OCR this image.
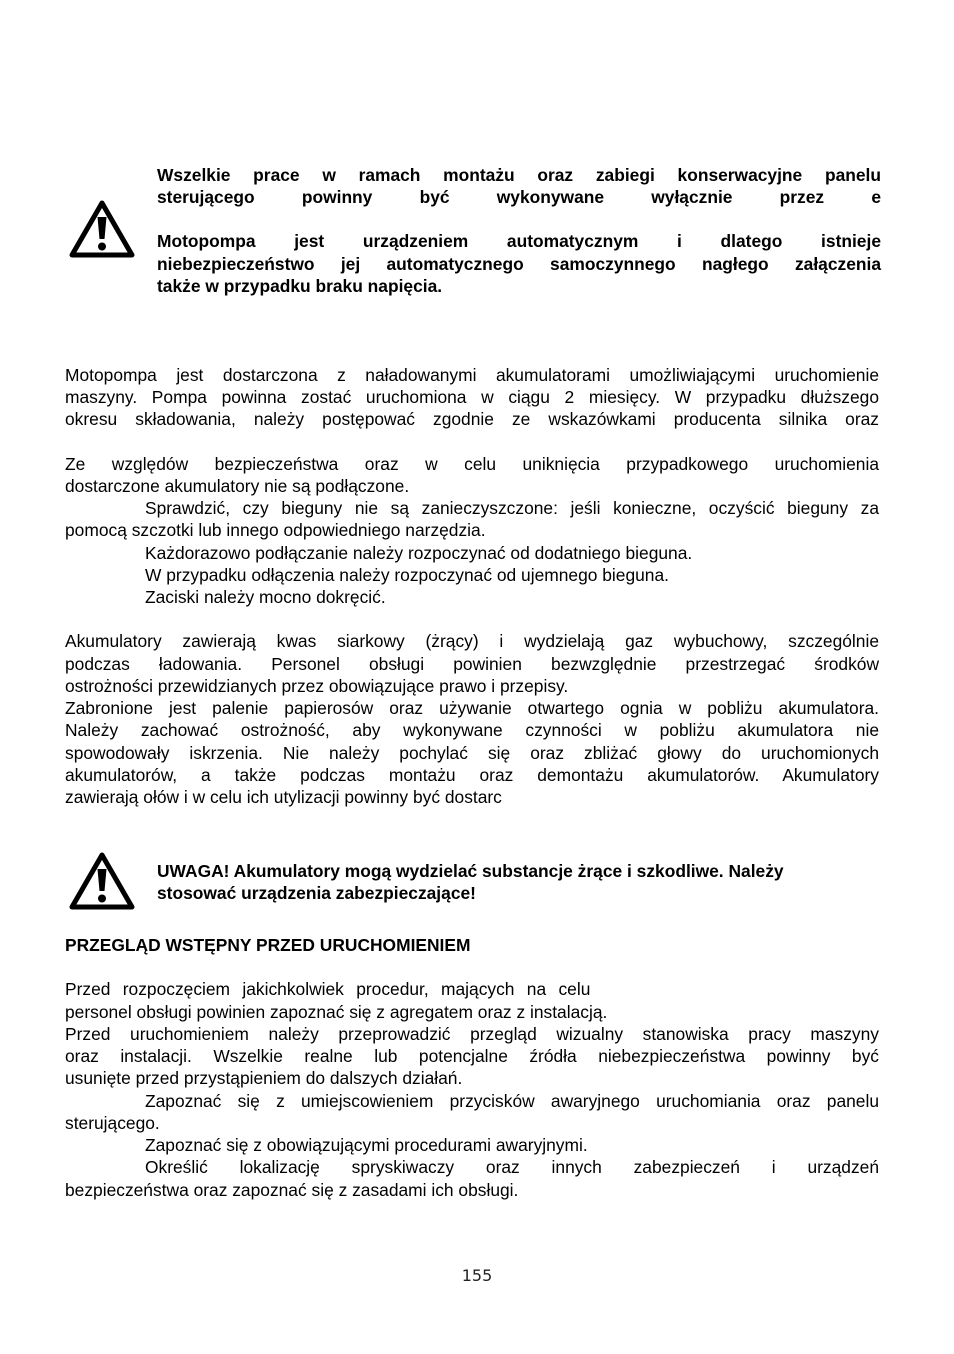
Wszelkie prace w ramach montażu oraz zabiegi konserwacyjne panelu

sterującego powinny być wykonywane wyłącznie przez e

Motopompa jest urządzeniem automatycznym i dlatego istnieje

niebezpieczeństwo jej automatycznego samoczynnego nagłego załączenia

także w przypadku braku napięcia.

Motopompa jest dostarczona z naładowanymi akumulatorami umożliwiającymi uruchomienie

maszyny. Pompa powinna zostać uruchomiona w ciągu 2 miesięcy. W przypadku dłuższego

okresu składowania, należy postępować zgodnie ze wskazówkami producenta silnika oraz

Ze względów bezpieczeństwa oraz w celu uniknięcia przypadkowego uruchomienia

dostarczone akumulatory nie są podłączone.

Sprawdzić, czy bieguny nie są zanieczyszczone: jeśli konieczne, oczyścić bieguny za

pomocą szczotki lub innego odpowiedniego narzędzia.

Każdorazowo podłączanie należy rozpoczynać od dodatniego bieguna.

W przypadku odłączenia należy rozpoczynać od ujemnego bieguna.

Zaciski należy mocno dokręcić.

Akumulatory zawierają kwas siarkowy (żrący) i wydzielają gaz wybuchowy, szczególnie

podczas ładowania. Personel obsługi powinien bezwzględnie przestrzegać środków

ostrożności przewidzianych przez obowiązujące prawo i przepisy.

Zabronione jest palenie papierosów oraz używanie otwartego ognia w pobliżu akumulatora.

Należy zachować ostrożność, aby wykonywane czynności w pobliżu akumulatora nie

spowodowały iskrzenia. Nie należy pochylać się oraz zbliżać głowy do uruchomionych

akumulatorów, a także podczas montażu oraz demontażu akumulatorów. Akumulatory

zawierają ołów i w celu ich utylizacji powinny być dostarc

UWAGA! Akumulatory mogą wydzielać substancje żrące i szkodliwe. Należy

stosować urządzenia zabezpieczające!

PRZEGLĄD WSTĘPNY PRZED URUCHOMIENIEM

Przed rozpoczęciem jakichkolwiek procedur, mających na celu

personel obsługi powinien zapoznać się z agregatem oraz z instalacją.

Przed uruchomieniem należy przeprowadzić przegląd wizualny stanowiska pracy maszyny

oraz instalacji. Wszelkie realne lub potencjalne źródła niebezpieczeństwa powinny być

usunięte przed przystąpieniem do dalszych działań.

Zapoznać się z umiejscowieniem przycisków awaryjnego uruchomiania oraz panelu

sterującego.

Zapoznać się z obowiązującymi procedurami awaryjnymi.

Określić lokalizację spryskiwaczy oraz innych zabezpieczeń i urządzeń

bezpieczeństwa oraz zapoznać się z zasadami ich obsługi.

155
